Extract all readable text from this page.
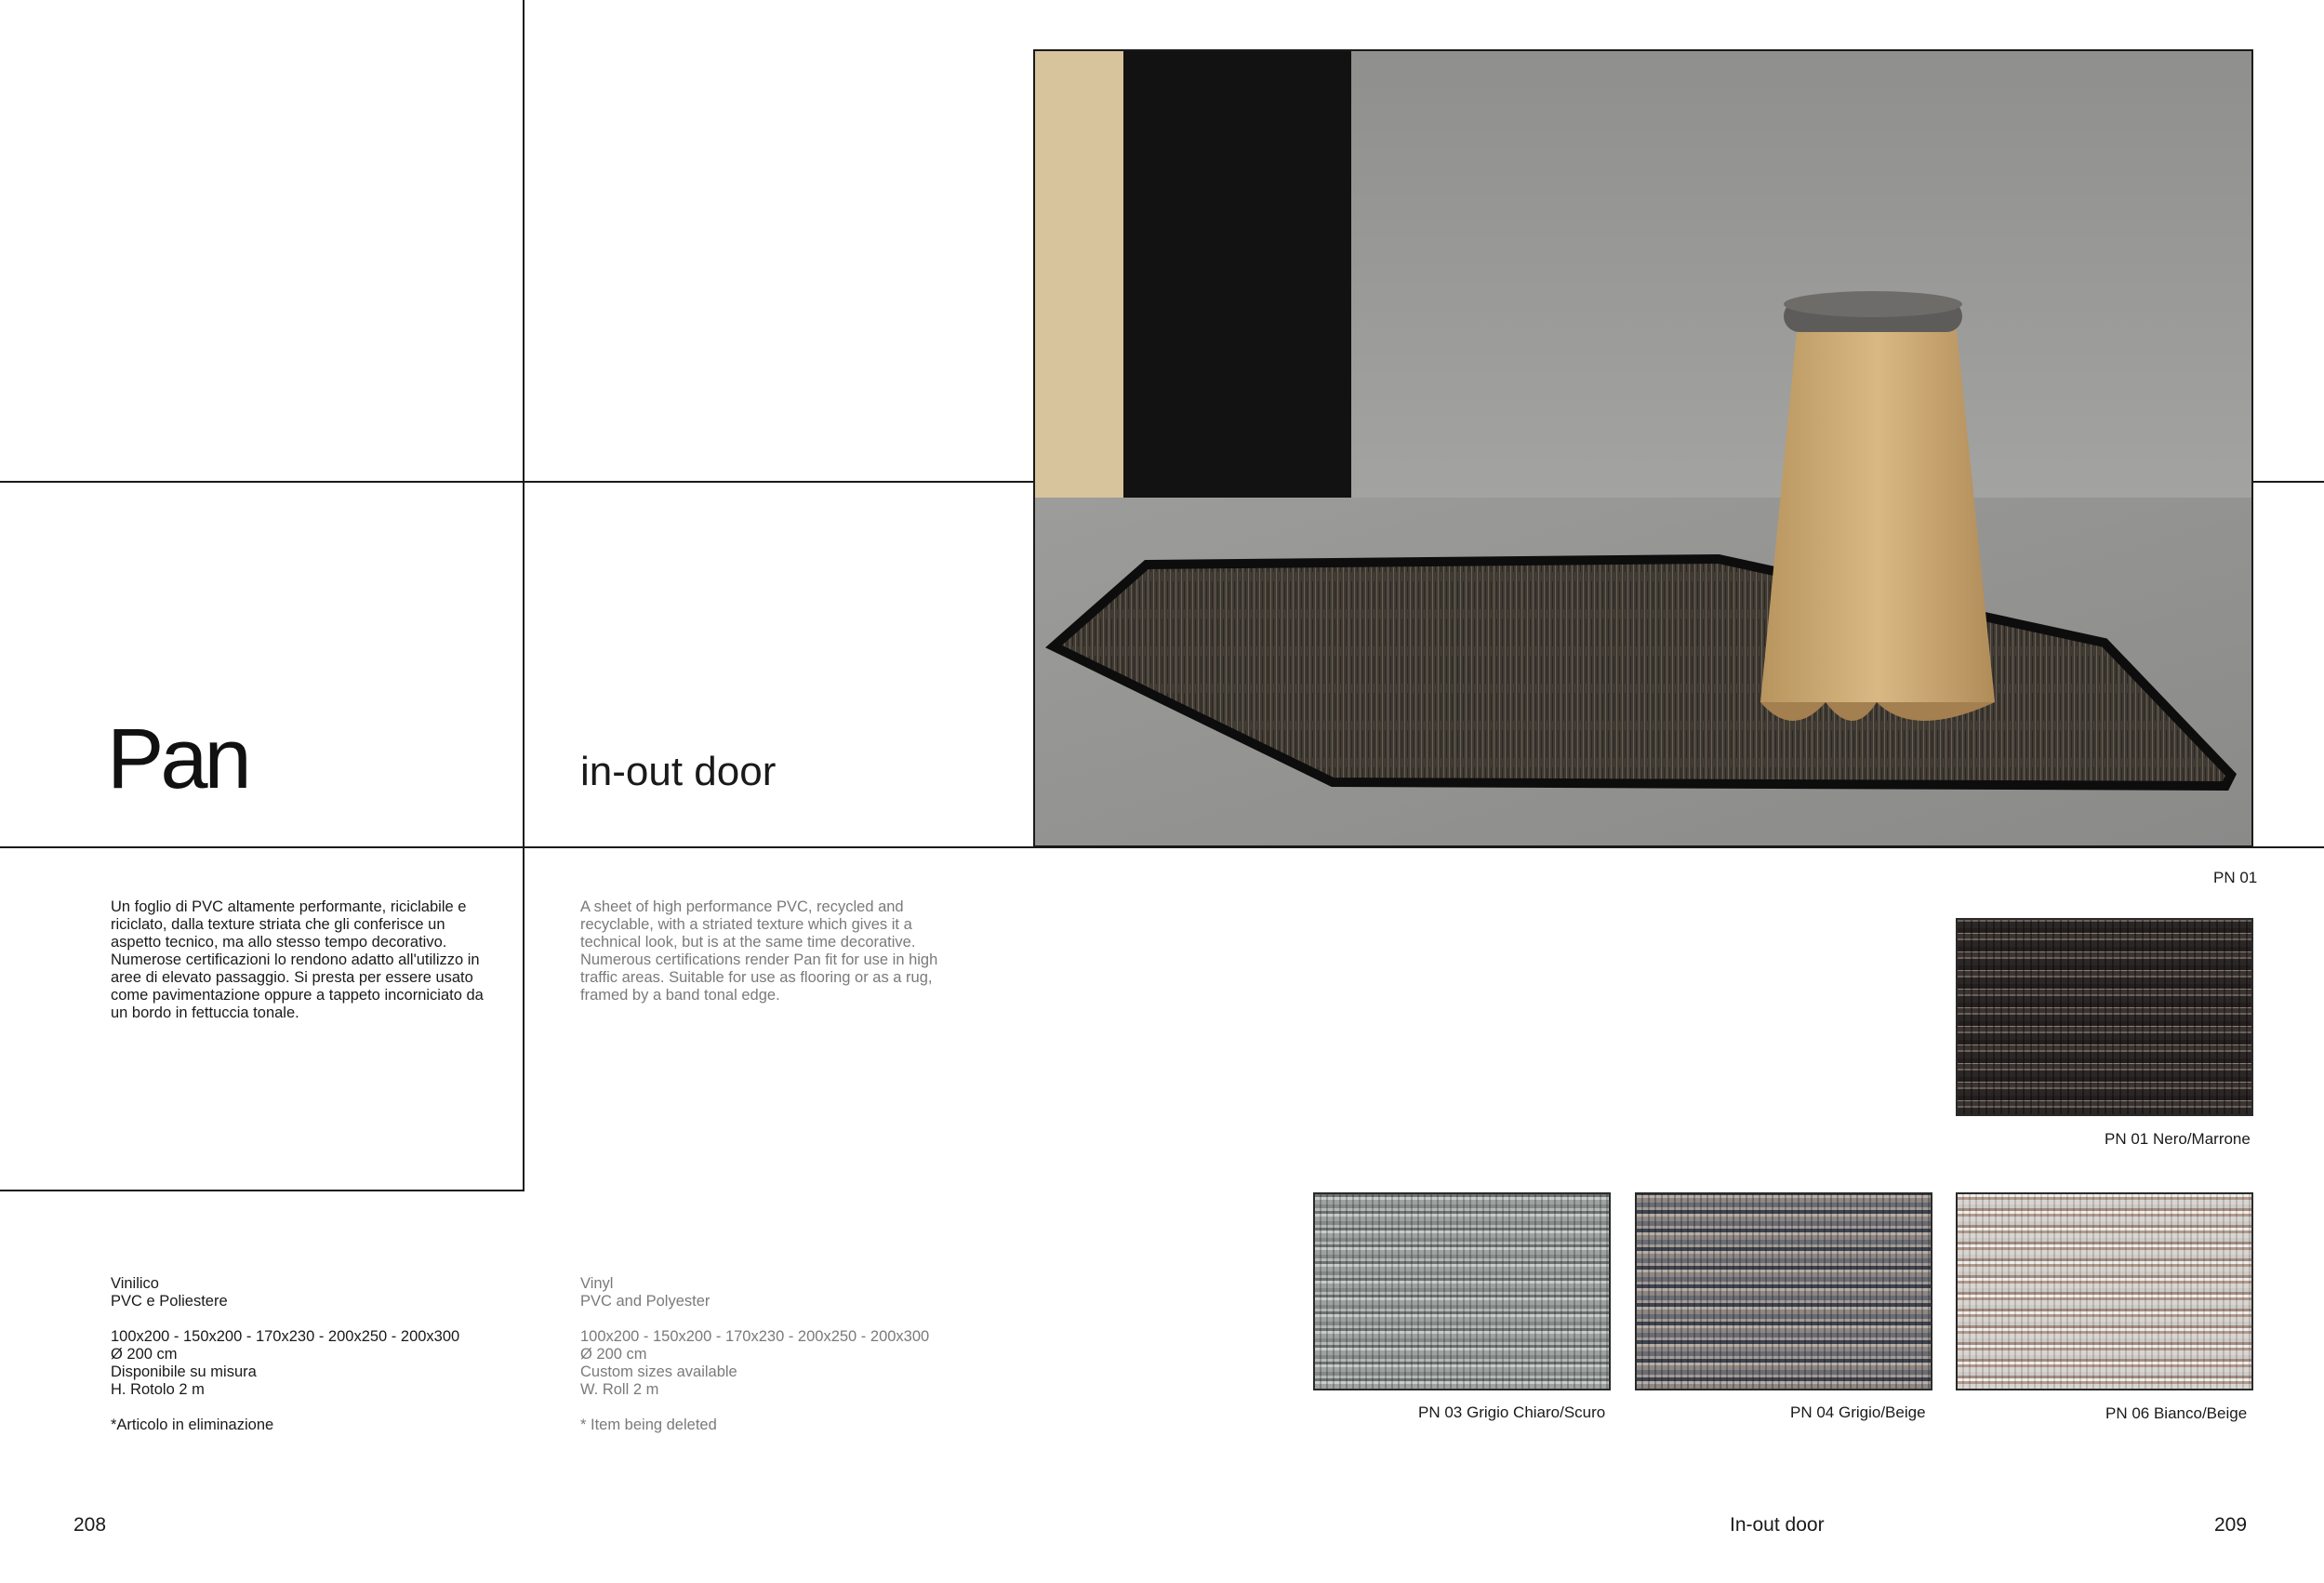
Pan	in-out door
PN 01

Un foglio di PVC altamente performante, riciclabile e riciclato, dalla texture striata che gli conferisce un aspetto tecnico, ma allo stesso tempo decorativo. Numerose certificazioni lo rendono adatto all'utilizzo in aree di elevato passaggio. Si presta per essere usato come pavimentazione oppure a tappeto incorniciato da un bordo in fettuccia tonale.

A sheet of high performance PVC, recycled and recyclable, with a striated texture which gives it a technical look, but is at the same time decorative. Numerous certifications render Pan fit for use in high traffic areas. Suitable for use as flooring or as a rug, framed by a band tonal edge.

Vinilico
PVC e Poliestere
100x200 - 150x200 - 170x230 - 200x250 - 200x300
Ø 200 cm
Disponibile su misura
H. Rotolo 2 m
*Articolo in eliminazione
Vinyl
PVC and Polyester
100x200 - 150x200 - 170x230 - 200x250 - 200x300
Ø 200 cm
Custom sizes available
W. Roll 2 m
* Item being deleted
PN 01 Nero/Marrone
PN 03 Grigio Chiaro/Scuro	PN 04 Grigio/Beige	PN 06 Bianco/Beige
208	In-out door	209
